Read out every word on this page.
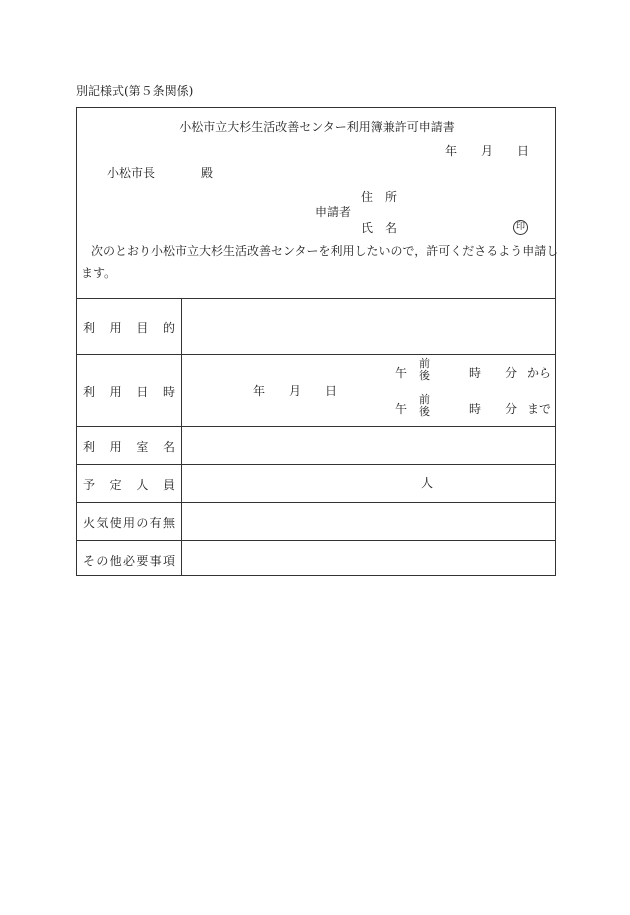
別記様式(第５条関係)
小松市立大杉生活改善センター利用簿兼許可申請書
年 月 日
小松市長	殿
住　所
申請者
氏　名	印
次のとおり小松市立大杉生活改善センターを利用したいので，許可くださるよう申請し
ます。
利 用 目 的
利 用 日 時	年 月 日
午
前
後	時 分 から
午
前
後	時 分 まで
利 用 室 名
予 定 人 員	人
火 気 使 用 の 有 無
そ の 他 必 要 事 項
